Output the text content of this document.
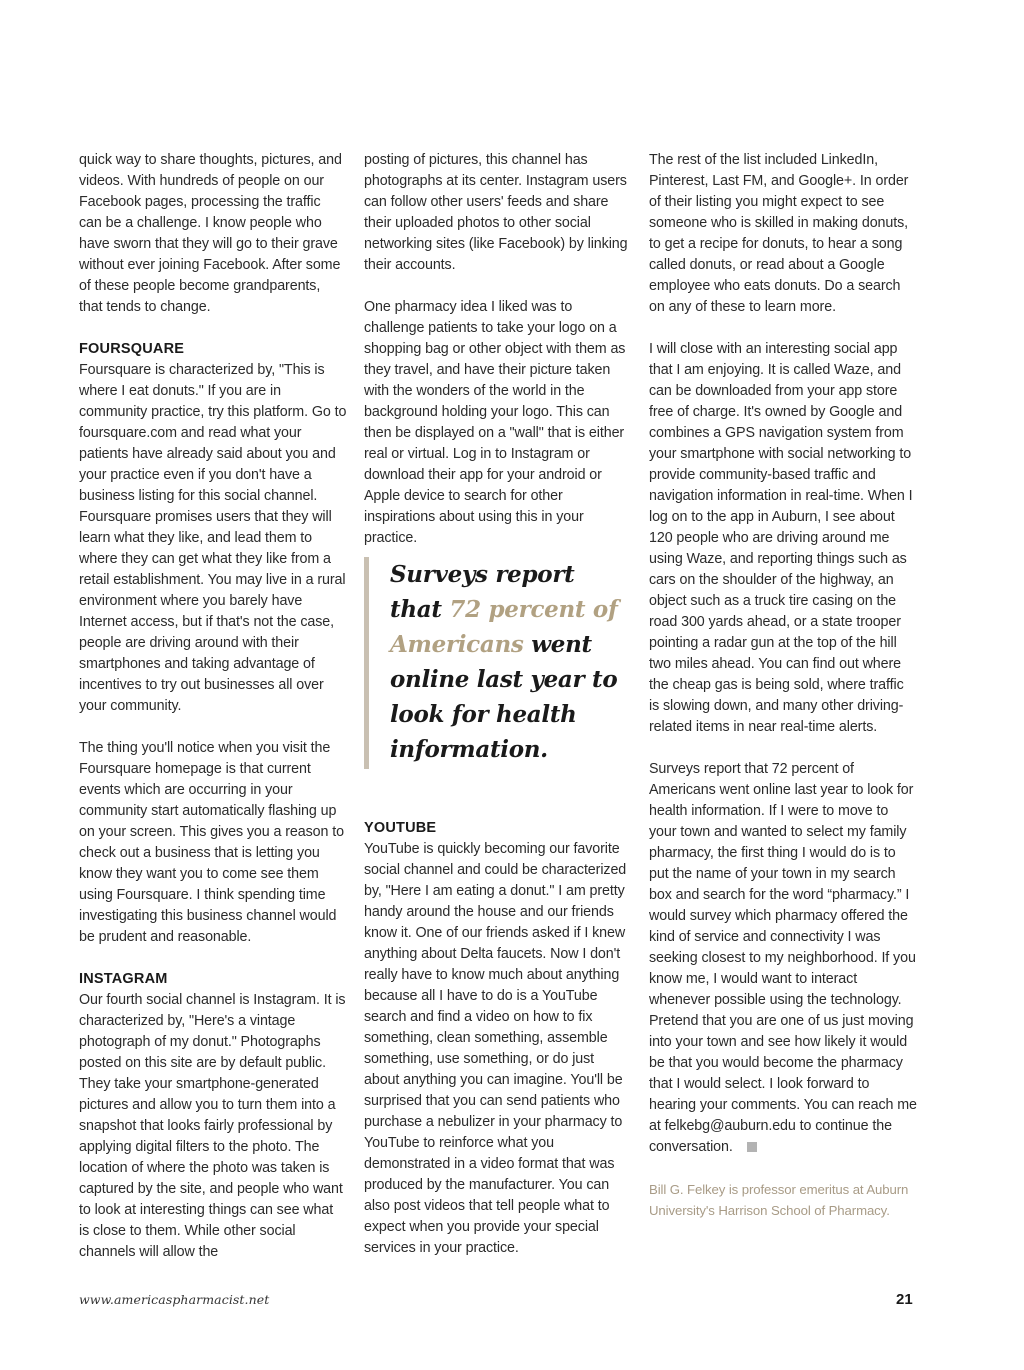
quick way to share thoughts, pictures, and videos. With hundreds of people on our Facebook pages, processing the traffic can be a challenge. I know people who have sworn that they will go to their grave without ever joining Facebook. After some of these people become grandparents, that tends to change.

FOURSQUARE

Foursquare is characterized by, "This is where I eat donuts." If you are in community practice, try this platform. Go to foursquare.com and read what your patients have already said about you and your practice even if you don't have a business listing for this social channel. Foursquare promises users that they will learn what they like, and lead them to where they can get what they like from a retail establishment. You may live in a rural environment where you barely have Internet access, but if that's not the case, people are driving around with their smartphones and taking advantage of incentives to try out businesses all over your community.

The thing you'll notice when you visit the Foursquare homepage is that current events which are occurring in your community start automatically flashing up on your screen. This gives you a reason to check out a business that is letting you know they want you to come see them using Foursquare. I think spending time investigating this business channel would be prudent and reasonable.

INSTAGRAM

Our fourth social channel is Instagram. It is characterized by, "Here's a vintage photograph of my donut." Photographs posted on this site are by default public. They take your smartphone-generated pictures and allow you to turn them into a snapshot that looks fairly professional by applying digital filters to the photo. The location of where the photo was taken is captured by the site, and people who want to look at interesting things can see what is close to them. While other social channels will allow the

posting of pictures, this channel has photographs at its center. Instagram users can follow other users' feeds and share their uploaded photos to other social networking sites (like Facebook) by linking their accounts.

One pharmacy idea I liked was to challenge patients to take your logo on a shopping bag or other object with them as they travel, and have their picture taken with the wonders of the world in the background holding your logo. This can then be displayed on a "wall" that is either real or virtual. Log in to Instagram or download their app for your android or Apple device to search for other inspirations about using this in your practice.

YOUTUBE

YouTube is quickly becoming our favorite social channel and could be characterized by, "Here I am eating a donut." I am pretty handy around the house and our friends know it. One of our friends asked if I knew anything about Delta faucets. Now I don't really have to know much about anything because all I have to do is a YouTube search and find a video on how to fix something, clean something, assemble something, use something, or do just about anything you can imagine. You'll be surprised that you can send patients who purchase a nebulizer in your pharmacy to YouTube to reinforce what you demonstrated in a video format that was produced by the manufacturer. You can also post videos that tell people what to expect when you provide your special services in your practice.

Surveys report that 72 percent of Americans went online last year to look for health information.

The rest of the list included LinkedIn, Pinterest, Last FM, and Google+. In order of their listing you might expect to see someone who is skilled in making donuts, to get a recipe for donuts, to hear a song called donuts, or read about a Google employee who eats donuts. Do a search on any of these to learn more.

I will close with an interesting social app that I am enjoying. It is called Waze, and can be downloaded from your app store free of charge. It's owned by Google and combines a GPS navigation system from your smartphone with social networking to provide community-based traffic and navigation information in real-time. When I log on to the app in Auburn, I see about 120 people who are driving around me using Waze, and reporting things such as cars on the shoulder of the highway, an object such as a truck tire casing on the road 300 yards ahead, or a state trooper pointing a radar gun at the top of the hill two miles ahead. You can find out where the cheap gas is being sold, where traffic is slowing down, and many other driving-related items in near real-time alerts.

Surveys report that 72 percent of Americans went online last year to look for health information. If I were to move to your town and wanted to select my family pharmacy, the first thing I would do is to put the name of your town in my search box and search for the word “pharmacy.” I would survey which pharmacy offered the kind of service and connectivity I was seeking closest to my neighborhood. If you know me, I would want to interact whenever possible using the technology. Pretend that you are one of us just moving into your town and see how likely it would be that you would become the pharmacy that I would select. I look forward to hearing your comments. You can reach me at felkebg@auburn.edu to continue the conversation.

Bill G. Felkey is professor emeritus at Auburn University's Harrison School of Pharmacy.

www.americaspharmacist.net	21
